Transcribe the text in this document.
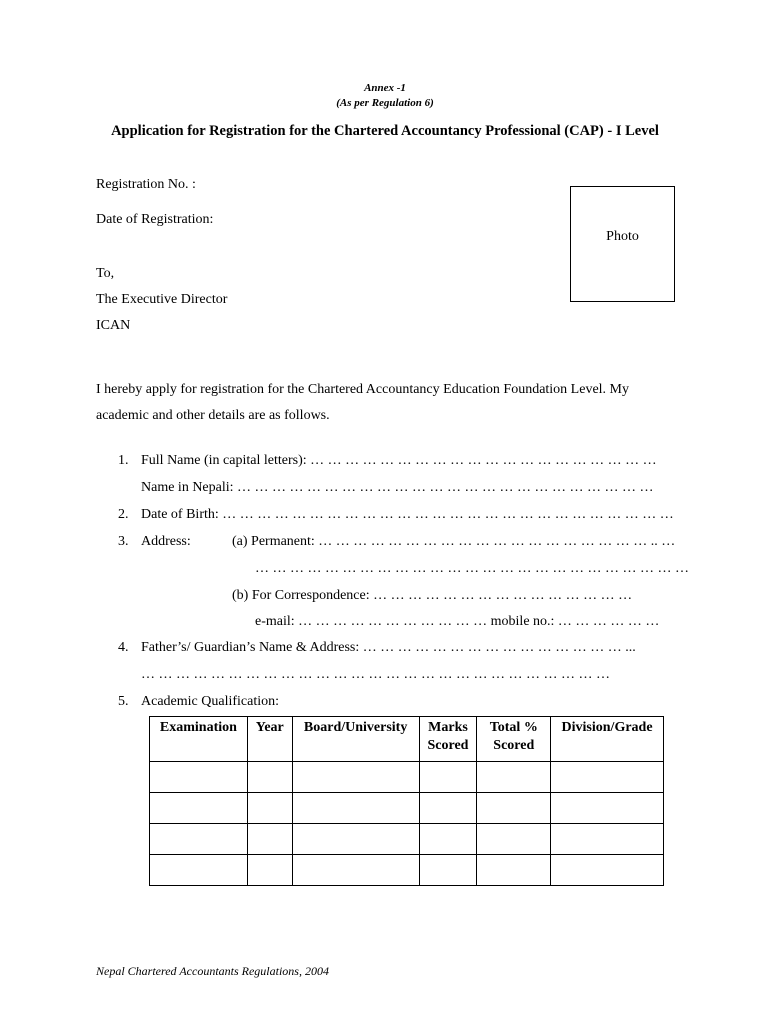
Annex -1
(As per Regulation 6)
Application for Registration for the Chartered Accountancy Professional (CAP) - I Level
Registration No. :
Date of Registration:
Photo
To,
The Executive Director
ICAN
I hereby apply for registration for the Chartered Accountancy Education Foundation Level. My
academic and other details are as follows.
1. Full Name (in capital letters): … … … … … … … … … … … … … … … … … … … …
Name in Nepali: … … … … … … … … … … … … … … … … … … … … … … … …
2. Date of Birth: … … … … … … … … … … … … … … … … … … … … … … … … … …
3. Address:	(a) Permanent: … … … … … … … … … … … … … … … … … … … .. …
… … … … … … … … … … … … … … … … … … … … … … … … …
(b) For Correspondence: … … … … … … … … … … … … … … …
e-mail: … … … … … … … … … … … mobile no.: … … … … … …
4. Father’s/ Guardian’s Name & Address: … … … … … … … … … … … … … … … ...
… … … … … … … … … … … … … … … … … … … … … … … … … … …
5. Academic Qualification:
Examination	Year	Board/University	Marks Scored	Total % Scored	Division/Grade

Nepal Chartered Accountants Regulations, 2004
